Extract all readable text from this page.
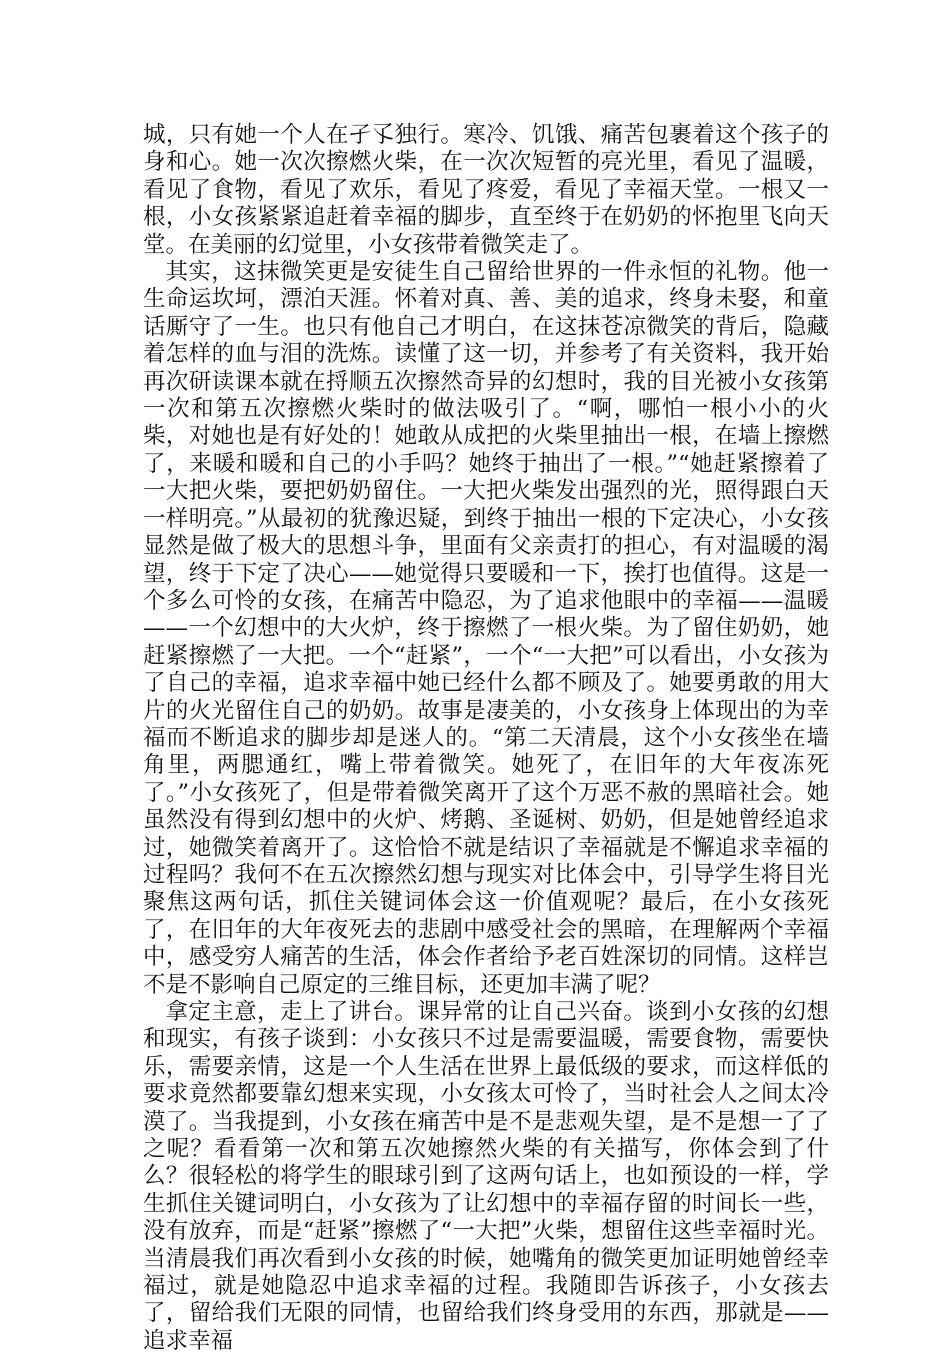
城，只有她一个人在孑孓独行。寒冷、饥饿、痛苦包裹着这个孩子的身和心。她一次次擦燃火柴，在一次次短暂的亮光里，看见了温暖，看见了食物，看见了欢乐，看见了疼爱，看见了幸福天堂。一根又一根，小女孩紧紧追赶着幸福的脚步，直至终于在奶奶的怀抱里飞向天堂。在美丽的幻觉里，小女孩带着微笑走了。

其实，这抹微笑更是安徒生自己留给世界的一件永恒的礼物。他一生命运坎坷，漂泊天涯。怀着对真、善、美的追求，终身未娶，和童话厮守了一生。也只有他自己才明白，在这抹苍凉微笑的背后，隐藏着怎样的血与泪的洗炼。读懂了这一切，并参考了有关资料，我开始再次研读课本就在捋顺五次擦然奇异的幻想时，我的目光被小女孩第一次和第五次擦燃火柴时的做法吸引了。“啊，哪怕一根小小的火柴，对她也是有好处的！她敢从成把的火柴里抽出一根，在墙上擦燃了，来暖和暖和自己的小手吗？她终于抽出了一根。”“她赶紧擦着了一大把火柴，要把奶奶留住。一大把火柴发出强烈的光，照得跟白天一样明亮。”从最初的犹豫迟疑，到终于抽出一根的下定决心，小女孩显然是做了极大的思想斗争，里面有父亲责打的担心，有对温暖的渴望，终于下定了决心——她觉得只要暖和一下，挨打也值得。这是一个多么可怜的女孩，在痛苦中隐忍，为了追求他眼中的幸福——温暖——一个幻想中的大火炉，终于擦燃了一根火柴。为了留住奶奶，她赶紧擦燃了一大把。一个“赶紧”，一个“一大把”可以看出，小女孩为了自己的幸福，追求幸福中她已经什么都不顾及了。她要勇敢的用大片的火光留住自己的奶奶。故事是凄美的，小女孩身上体现出的为幸福而不断追求的脚步却是迷人的。“第二天清晨，这个小女孩坐在墙角里，两腮通红，嘴上带着微笑。她死了，在旧年的大年夜冻死了。”小女孩死了，但是带着微笑离开了这个万恶不赦的黑暗社会。她虽然没有得到幻想中的火炉、烤鹅、圣诞树、奶奶，但是她曾经追求过，她微笑着离开了。这恰恰不就是结识了幸福就是不懈追求幸福的过程吗？我何不在五次擦然幻想与现实对比体会中，引导学生将目光聚焦这两句话，抓住关键词体会这一价值观呢？最后，在小女孩死了，在旧年的大年夜死去的悲剧中感受社会的黑暗，在理解两个幸福中，感受穷人痛苦的生活，体会作者给予老百姓深切的同情。这样岂不是不影响自己原定的三维目标，还更加丰满了呢？

拿定主意，走上了讲台。课异常的让自己兴奋。谈到小女孩的幻想和现实，有孩子谈到：小女孩只不过是需要温暖，需要食物，需要快乐，需要亲情，这是一个人生活在世界上最低级的要求，而这样低的要求竟然都要靠幻想来实现，小女孩太可怜了，当时社会人之间太冷漠了。当我提到，小女孩在痛苦中是不是悲观失望，是不是想一了了之呢？看看第一次和第五次她擦然火柴的有关描写，你体会到了什么？很轻松的将学生的眼球引到了这两句话上，也如预设的一样，学生抓住关键词明白，小女孩为了让幻想中的幸福存留的时间长一些，没有放弃，而是“赶紧”擦燃了“一大把”火柴，想留住这些幸福时光。当清晨我们再次看到小女孩的时候，她嘴角的微笑更加证明她曾经幸福过，就是她隐忍中追求幸福的过程。我随即告诉孩子，小女孩去了，留给我们无限的同情，也留给我们终身受用的东西，那就是——追求幸福
